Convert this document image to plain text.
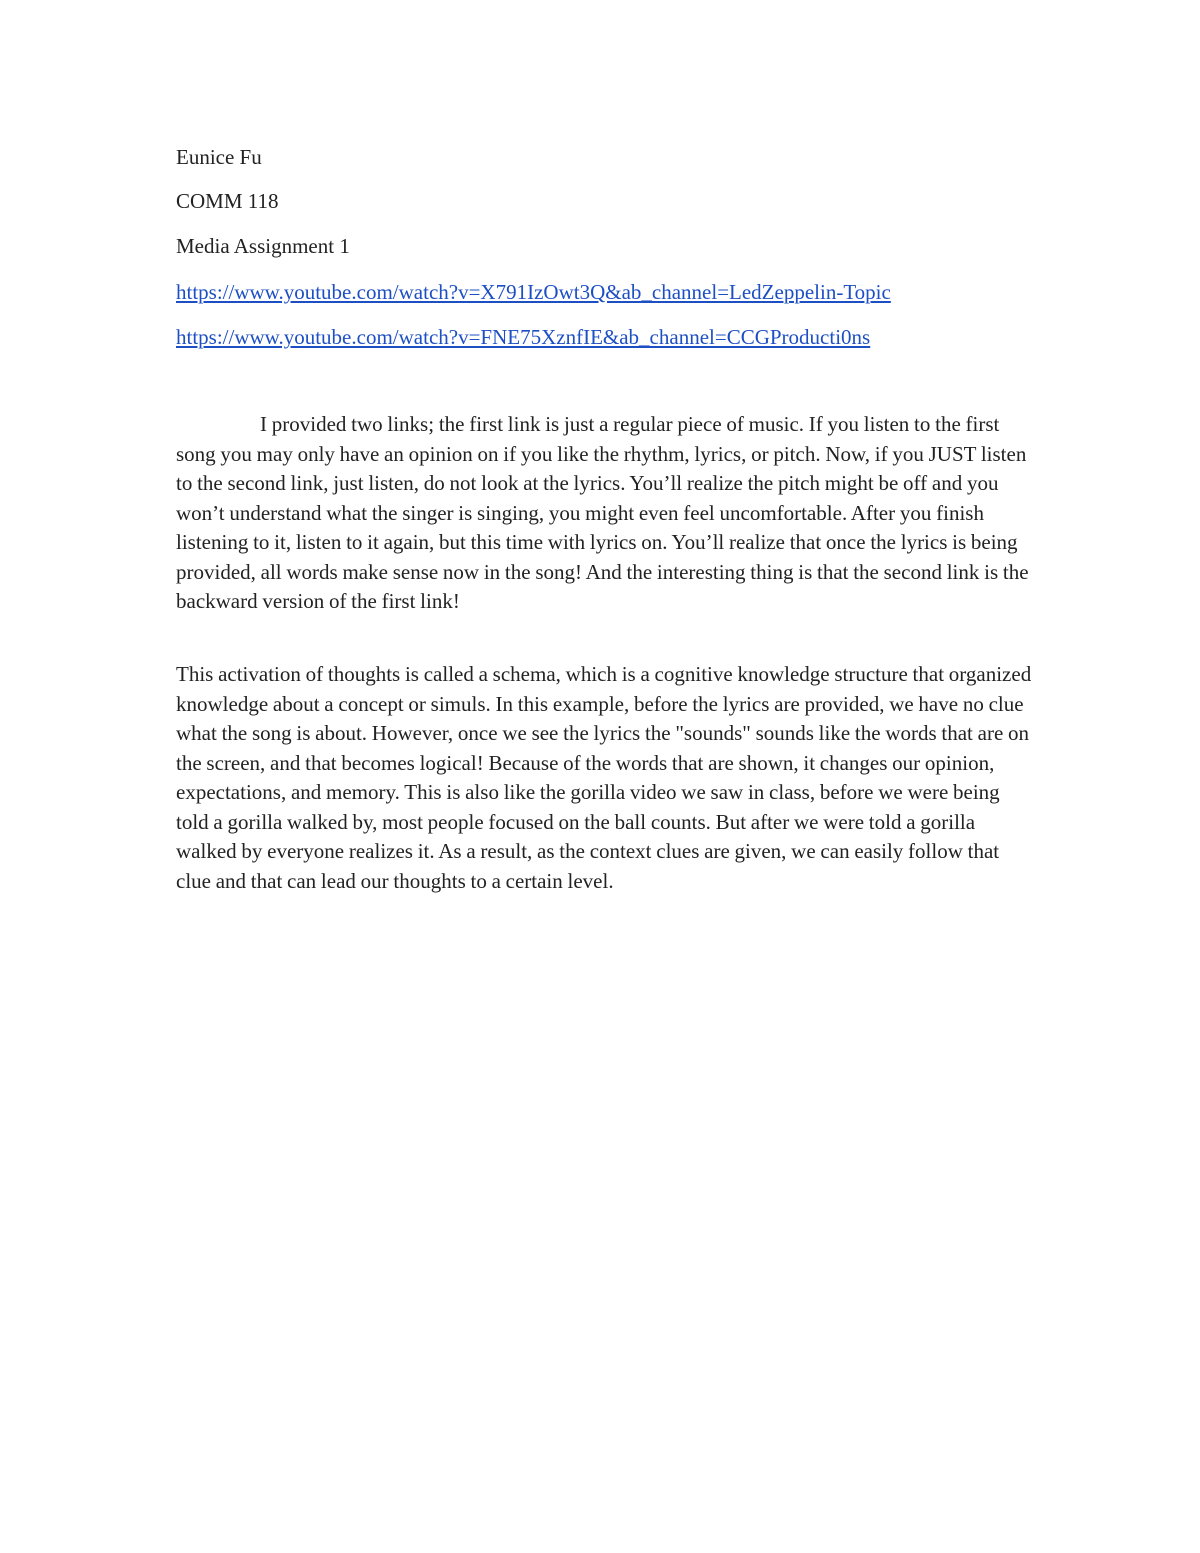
Eunice Fu

COMM 118

Media Assignment 1

https://www.youtube.com/watch?v=X791IzOwt3Q&ab_channel=LedZeppelin-Topic

https://www.youtube.com/watch?v=FNE75XznfIE&ab_channel=CCGProducti0ns

I provided two links; the first link is just a regular piece of music. If you listen to the first song you may only have an opinion on if you like the rhythm, lyrics, or pitch. Now, if you JUST listen to the second link, just listen, do not look at the lyrics. You’ll realize the pitch might be off and you won’t understand what the singer is singing, you might even feel uncomfortable. After you finish listening to it, listen to it again, but this time with lyrics on. You’ll realize that once the lyrics is being provided, all words make sense now in the song! And the interesting thing is that the second link is the backward version of the first link!

This activation of thoughts is called a schema, which is a cognitive knowledge structure that organized knowledge about a concept or simuls. In this example, before the lyrics are provided, we have no clue what the song is about. However, once we see the lyrics the "sounds" sounds like the words that are on the screen, and that becomes logical! Because of the words that are shown, it changes our opinion, expectations, and memory. This is also like the gorilla video we saw in class, before we were being told a gorilla walked by, most people focused on the ball counts. But after we were told a gorilla walked by everyone realizes it. As a result, as the context clues are given, we can easily follow that clue and that can lead our thoughts to a certain level.
